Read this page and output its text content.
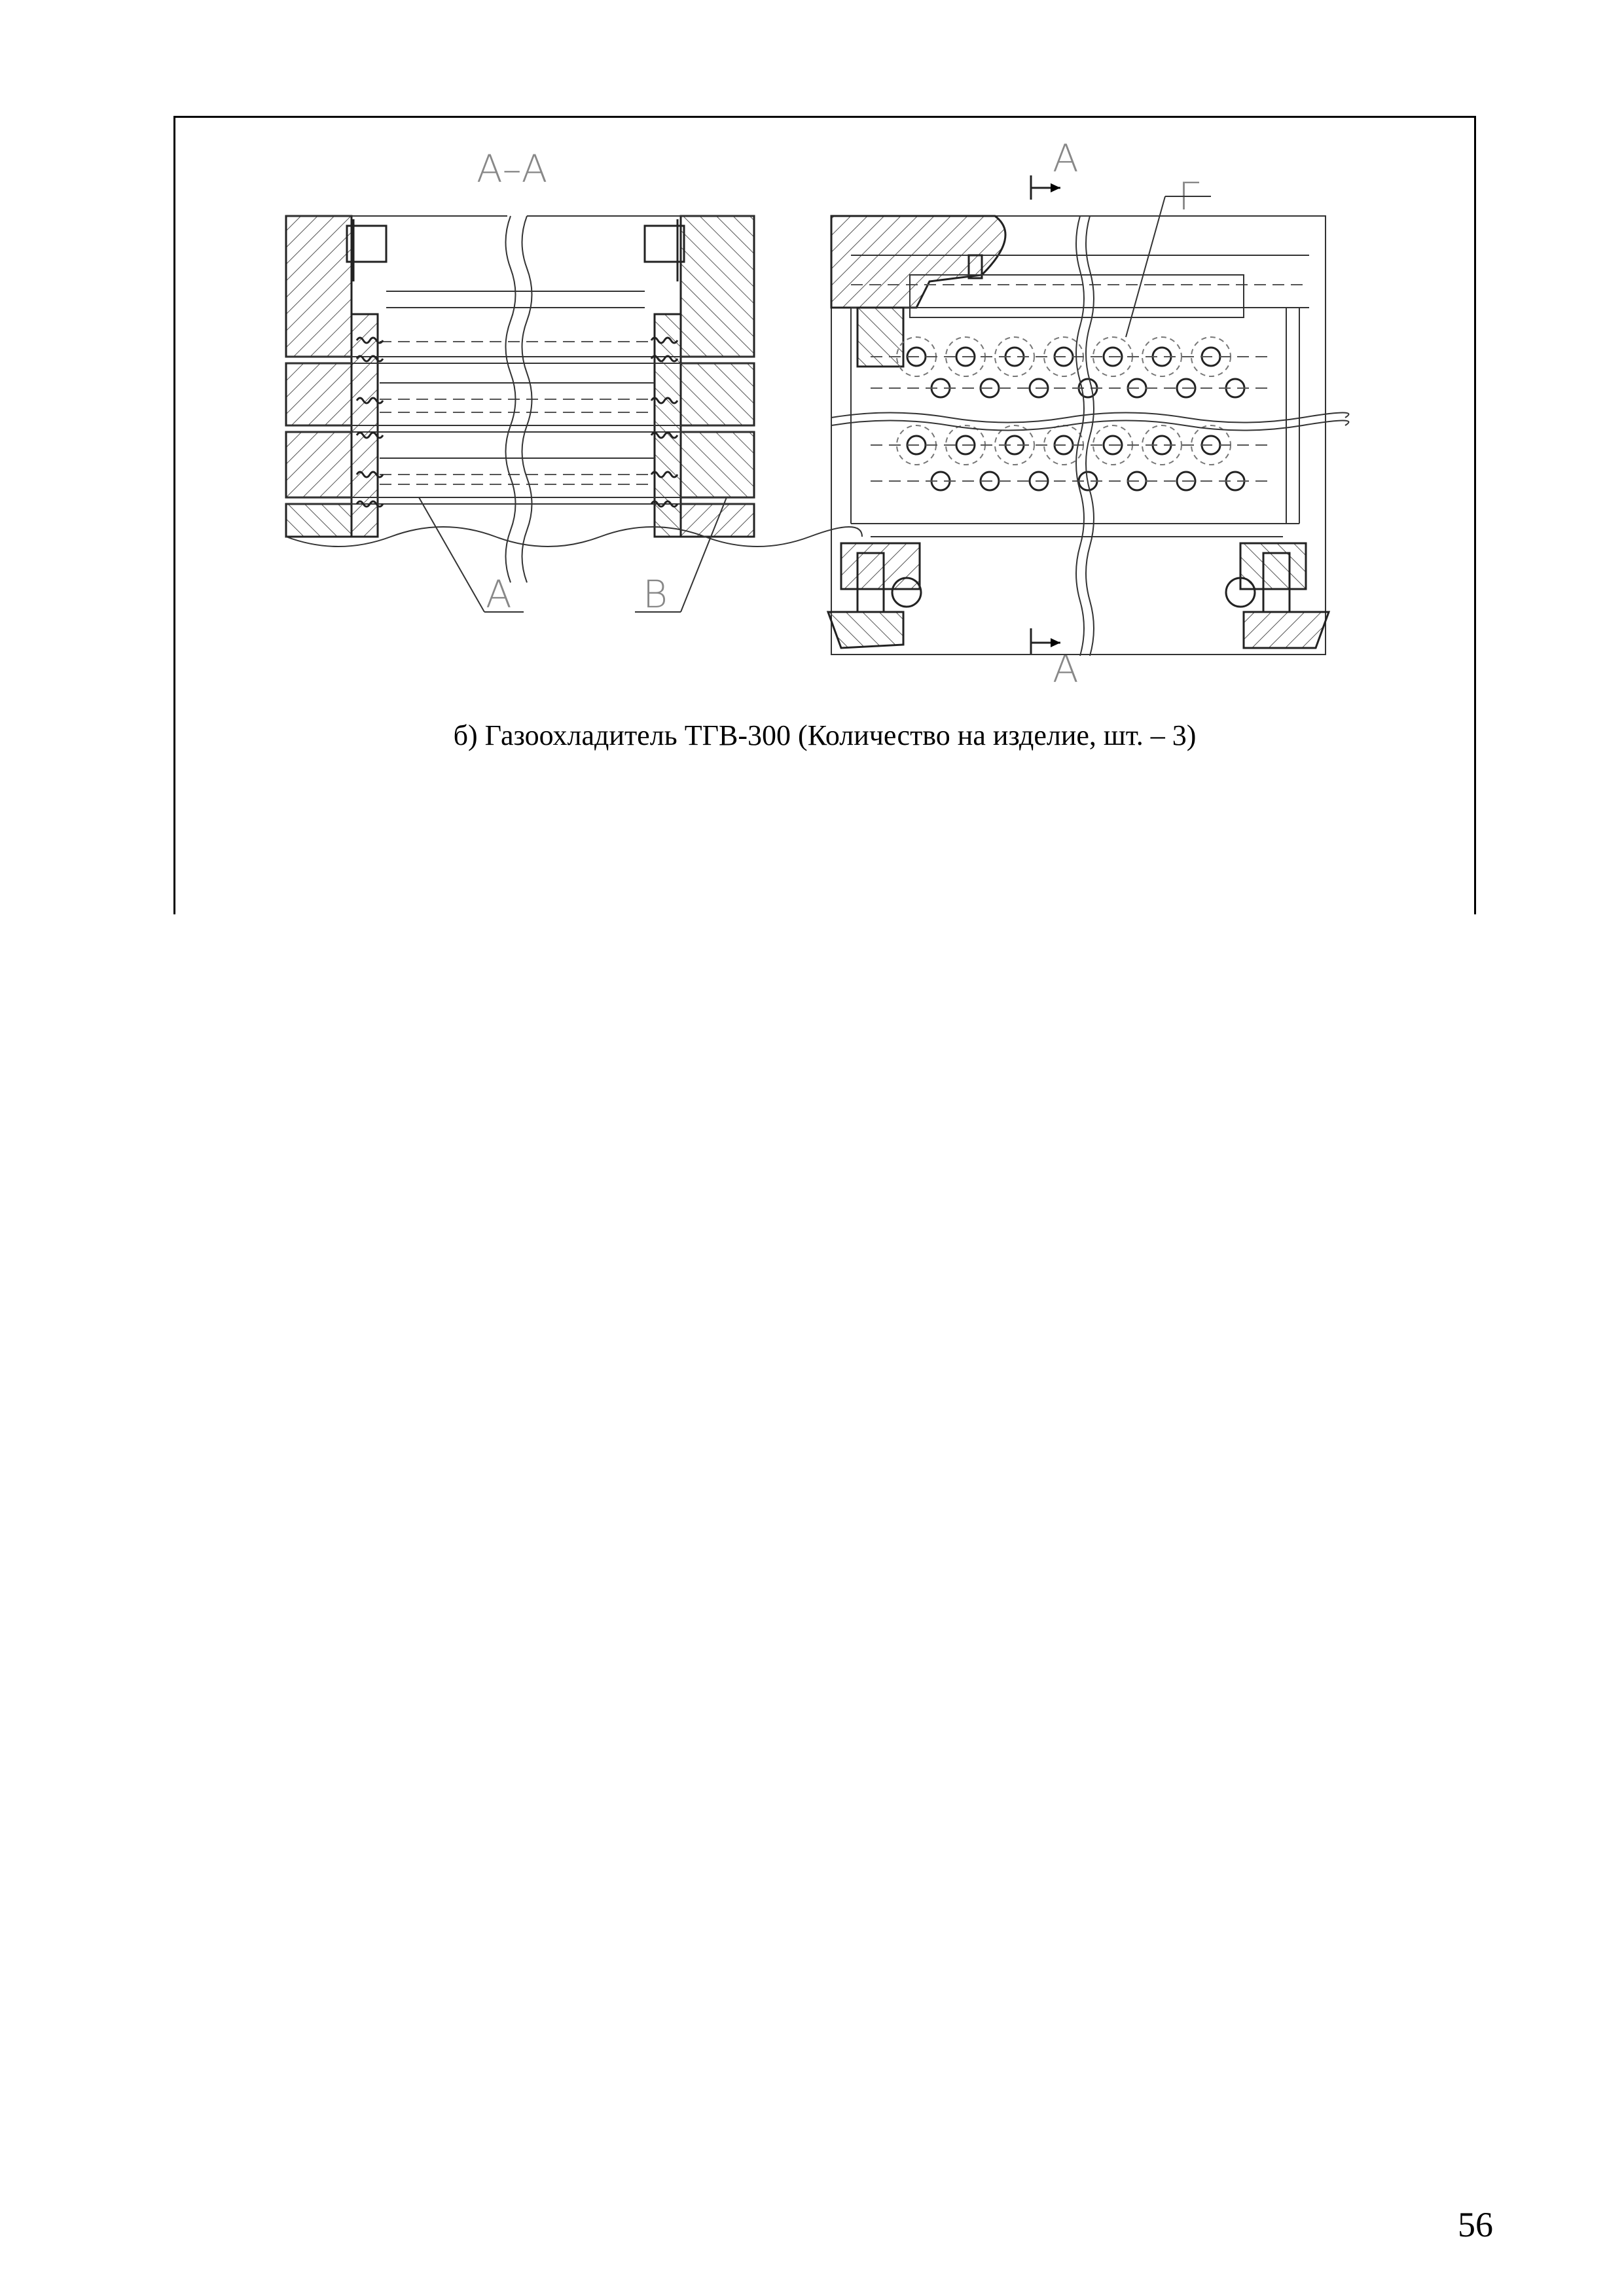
А–А
А	В
А
А
Г
б) Газоохладитель ТГВ-300 (Количество на изделие, шт. – 3)
56
